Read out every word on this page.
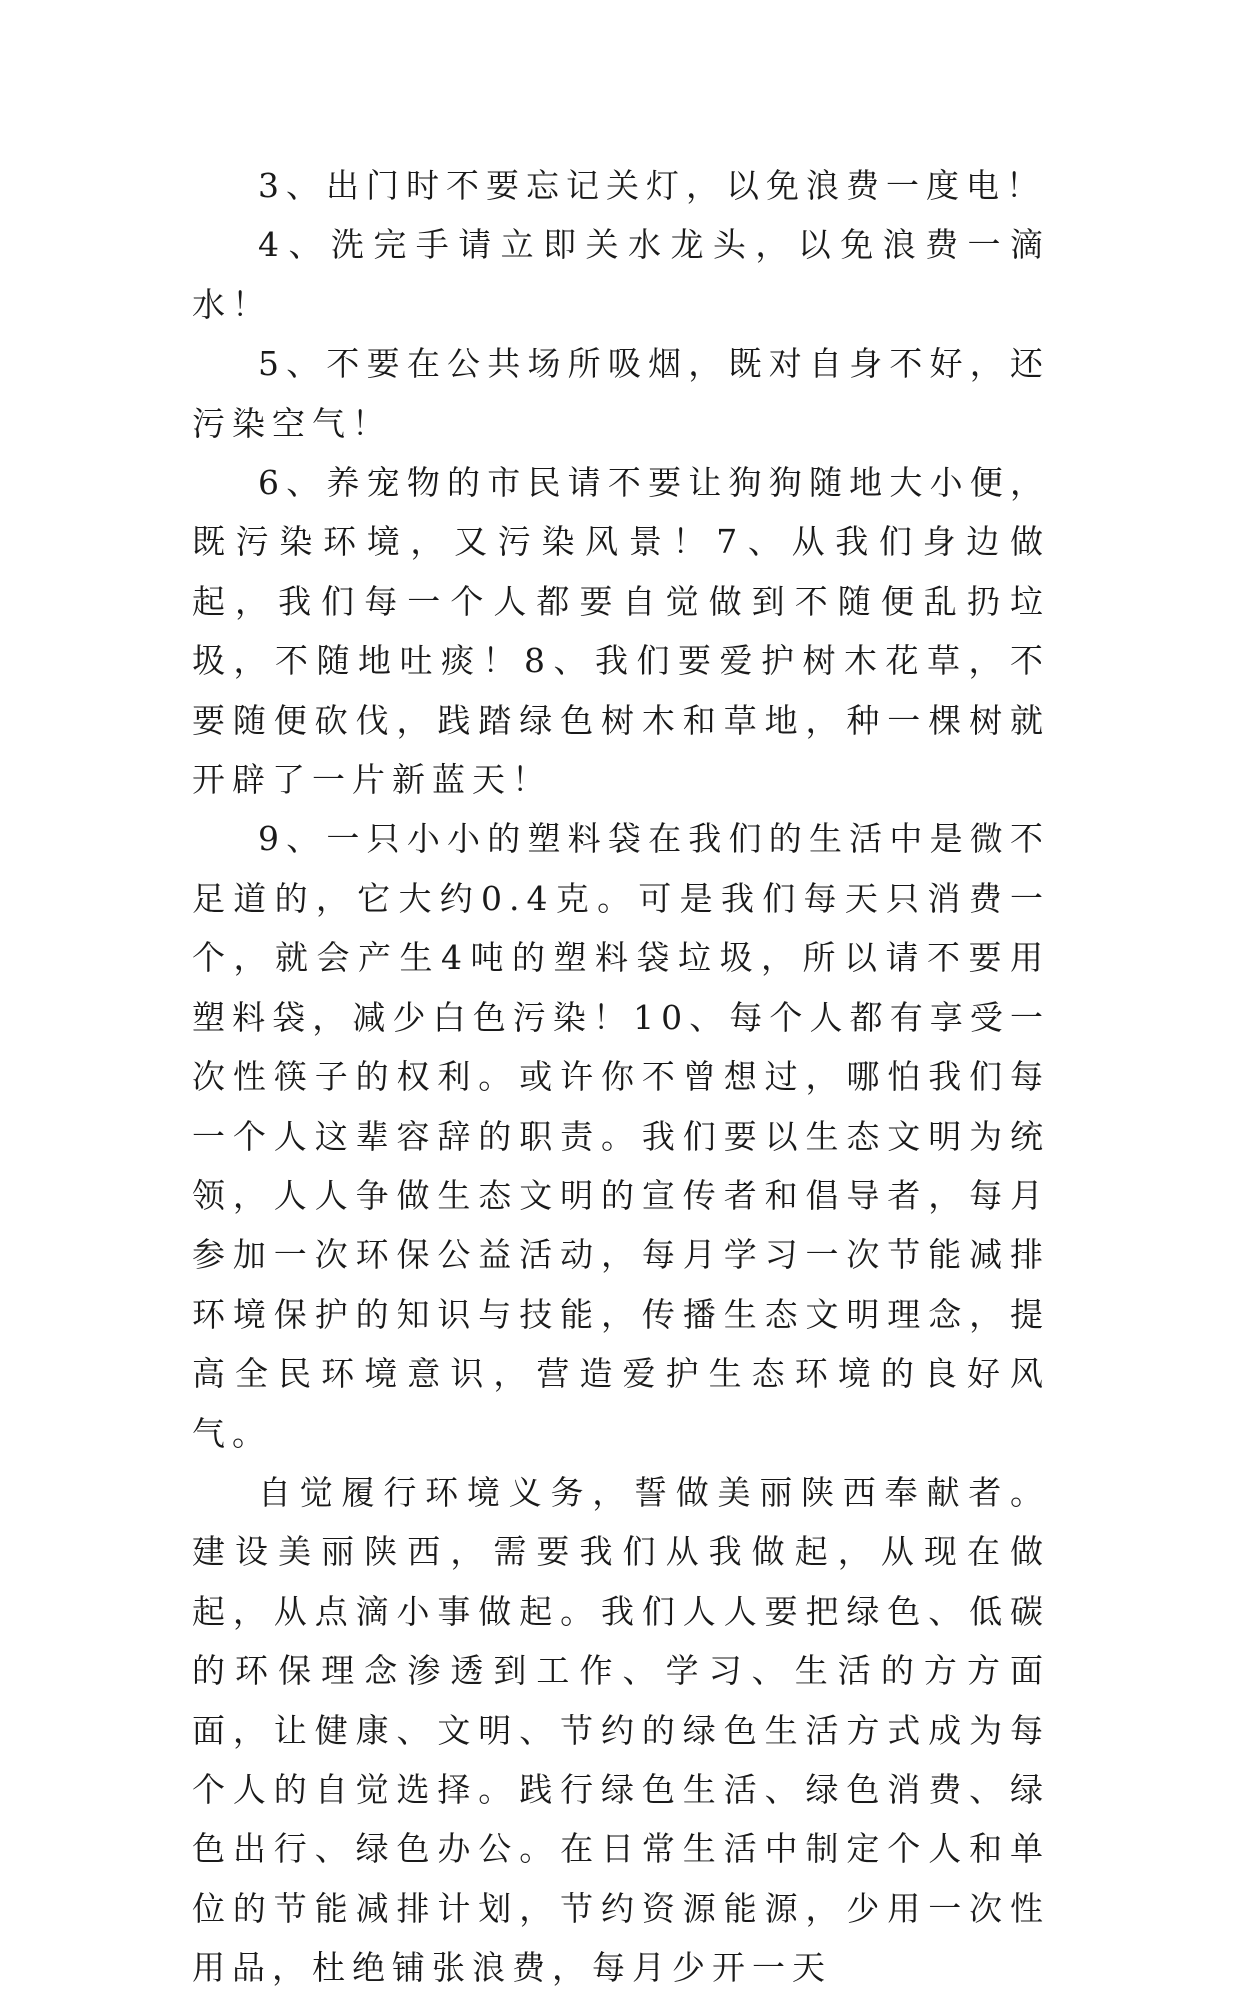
3、出门时不要忘记关灯，以免浪费一度电！

4、洗完手请立即关水龙头，以免浪费一滴水！

5、不要在公共场所吸烟，既对自身不好，还污染空气！

6、养宠物的市民请不要让狗狗随地大小便，既污染环境，又污染风景！7、从我们身边做起，我们每一个人都要自觉做到不随便乱扔垃圾，不随地吐痰！8、我们要爱护树木花草，不要随便砍伐，践踏绿色树木和草地，种一棵树就开辟了一片新蓝天！

9、一只小小的塑料袋在我们的生活中是微不足道的，它大约0.4克。可是我们每天只消费一个，就会产生4吨的塑料袋垃圾，所以请不要用塑料袋，减少白色污染！10、每个人都有享受一次性筷子的权利。或许你不曾想过，哪怕我们每一个人这辈容辞的职责。我们要以生态文明为统领，人人争做生态文明的宣传者和倡导者，每月参加一次环保公益活动，每月学习一次节能减排环境保护的知识与技能，传播生态文明理念，提高全民环境意识，营造爱护生态环境的良好风气。

自觉履行环境义务，誓做美丽陕西奉献者。建设美丽陕西，需要我们从我做起，从现在做起，从点滴小事做起。我们人人要把绿色、低碳的环保理念渗透到工作、学习、生活的方方面面，让健康、文明、节约的绿色生活方式成为每个人的自觉选择。践行绿色生活、绿色消费、绿色出行、绿色办公。在日常生活中制定个人和单位的节能减排计划，节约资源能源，少用一次性用品，杜绝铺张浪费，每月少开一天
